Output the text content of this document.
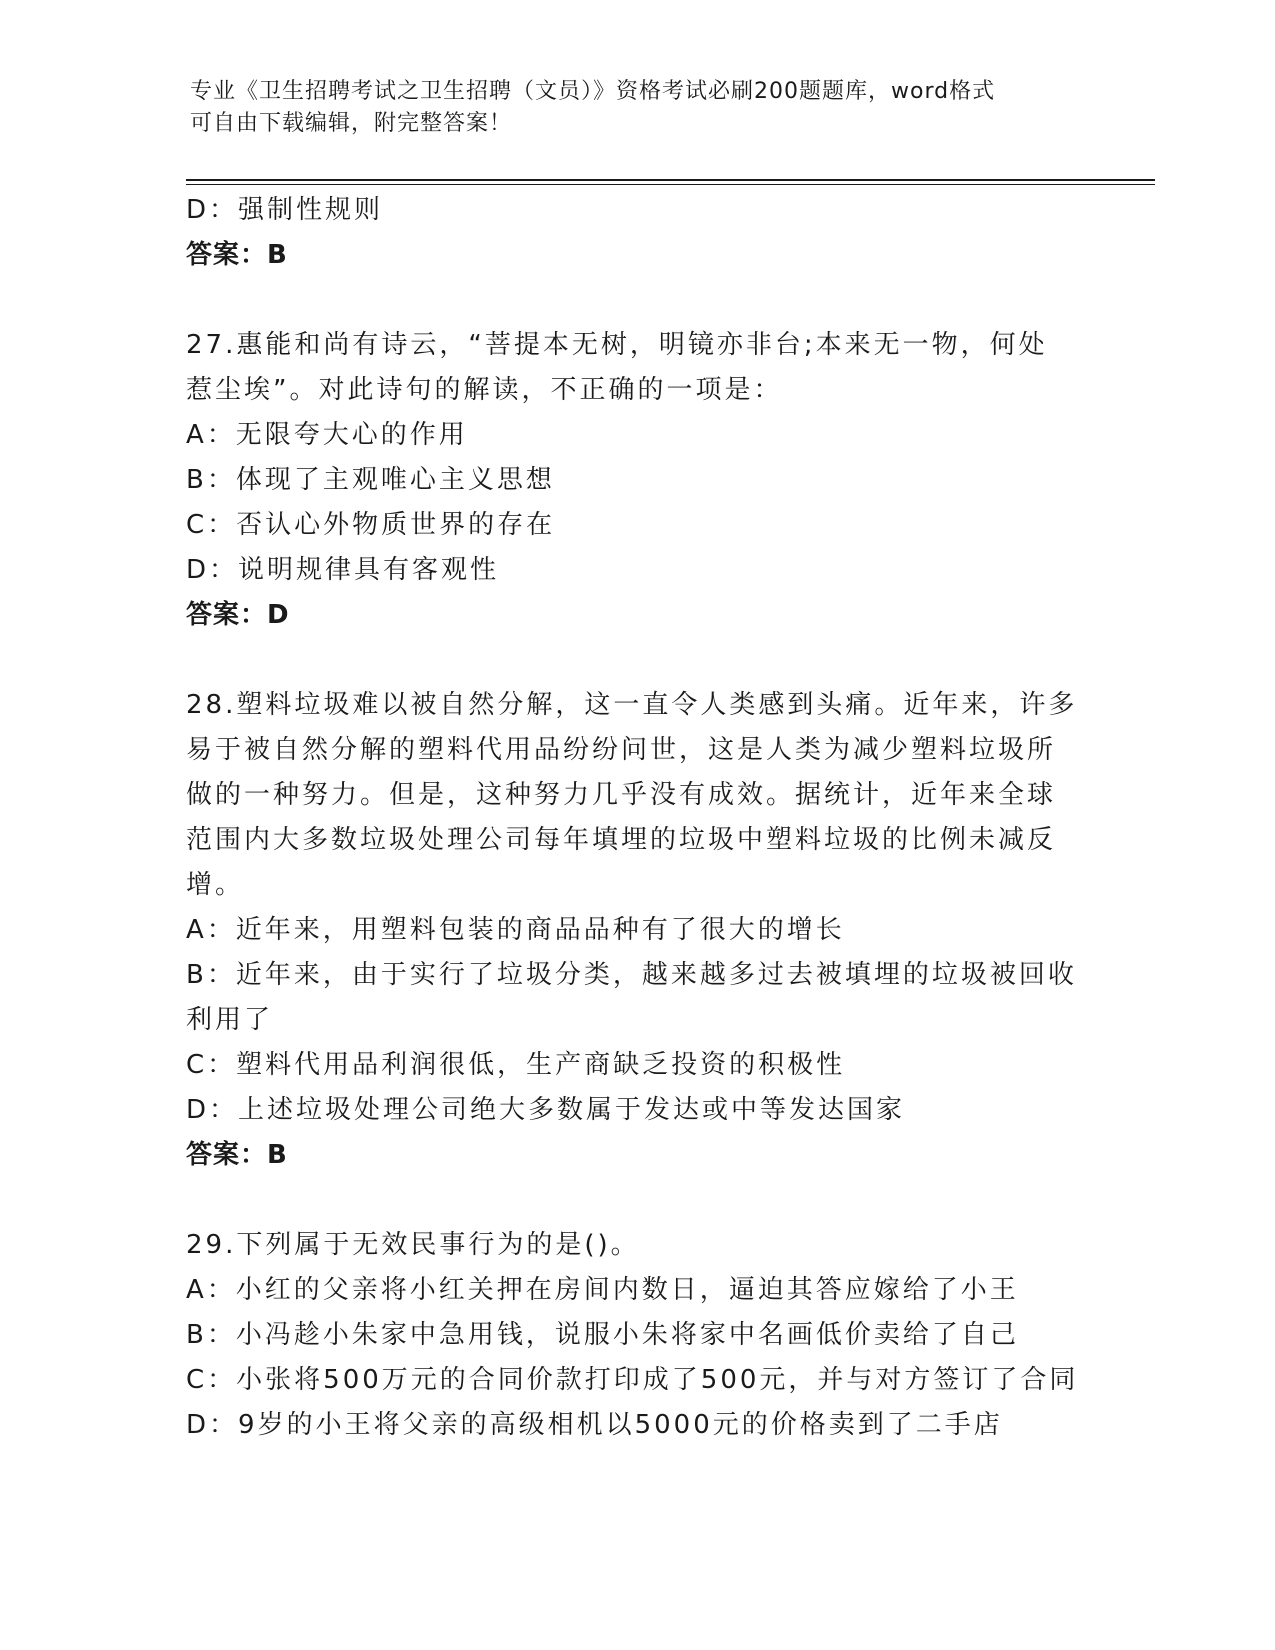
专业《卫生招聘考试之卫生招聘（文员）》资格考试必刷200题题库，word格式
可自由下载编辑，附完整答案！
D：强制性规则
答案：B
27.惠能和尚有诗云，“菩提本无树，明镜亦非台;本来无一物，何处
惹尘埃”。对此诗句的解读，不正确的一项是：
A：无限夸大心的作用
B：体现了主观唯心主义思想
C：否认心外物质世界的存在
D：说明规律具有客观性
答案：D
28.塑料垃圾难以被自然分解，这一直令人类感到头痛。近年来，许多
易于被自然分解的塑料代用品纷纷问世，这是人类为减少塑料垃圾所
做的一种努力。但是，这种努力几乎没有成效。据统计，近年来全球
范围内大多数垃圾处理公司每年填埋的垃圾中塑料垃圾的比例未减反
增。
A：近年来，用塑料包装的商品品种有了很大的增长
B：近年来，由于实行了垃圾分类，越来越多过去被填埋的垃圾被回收
利用了
C：塑料代用品利润很低，生产商缺乏投资的积极性
D：上述垃圾处理公司绝大多数属于发达或中等发达国家
答案：B
29.下列属于无效民事行为的是()。
A：小红的父亲将小红关押在房间内数日，逼迫其答应嫁给了小王
B：小冯趁小朱家中急用钱，说服小朱将家中名画低价卖给了自己
C：小张将500万元的合同价款打印成了500元，并与对方签订了合同
D：9岁的小王将父亲的高级相机以5000元的价格卖到了二手店
